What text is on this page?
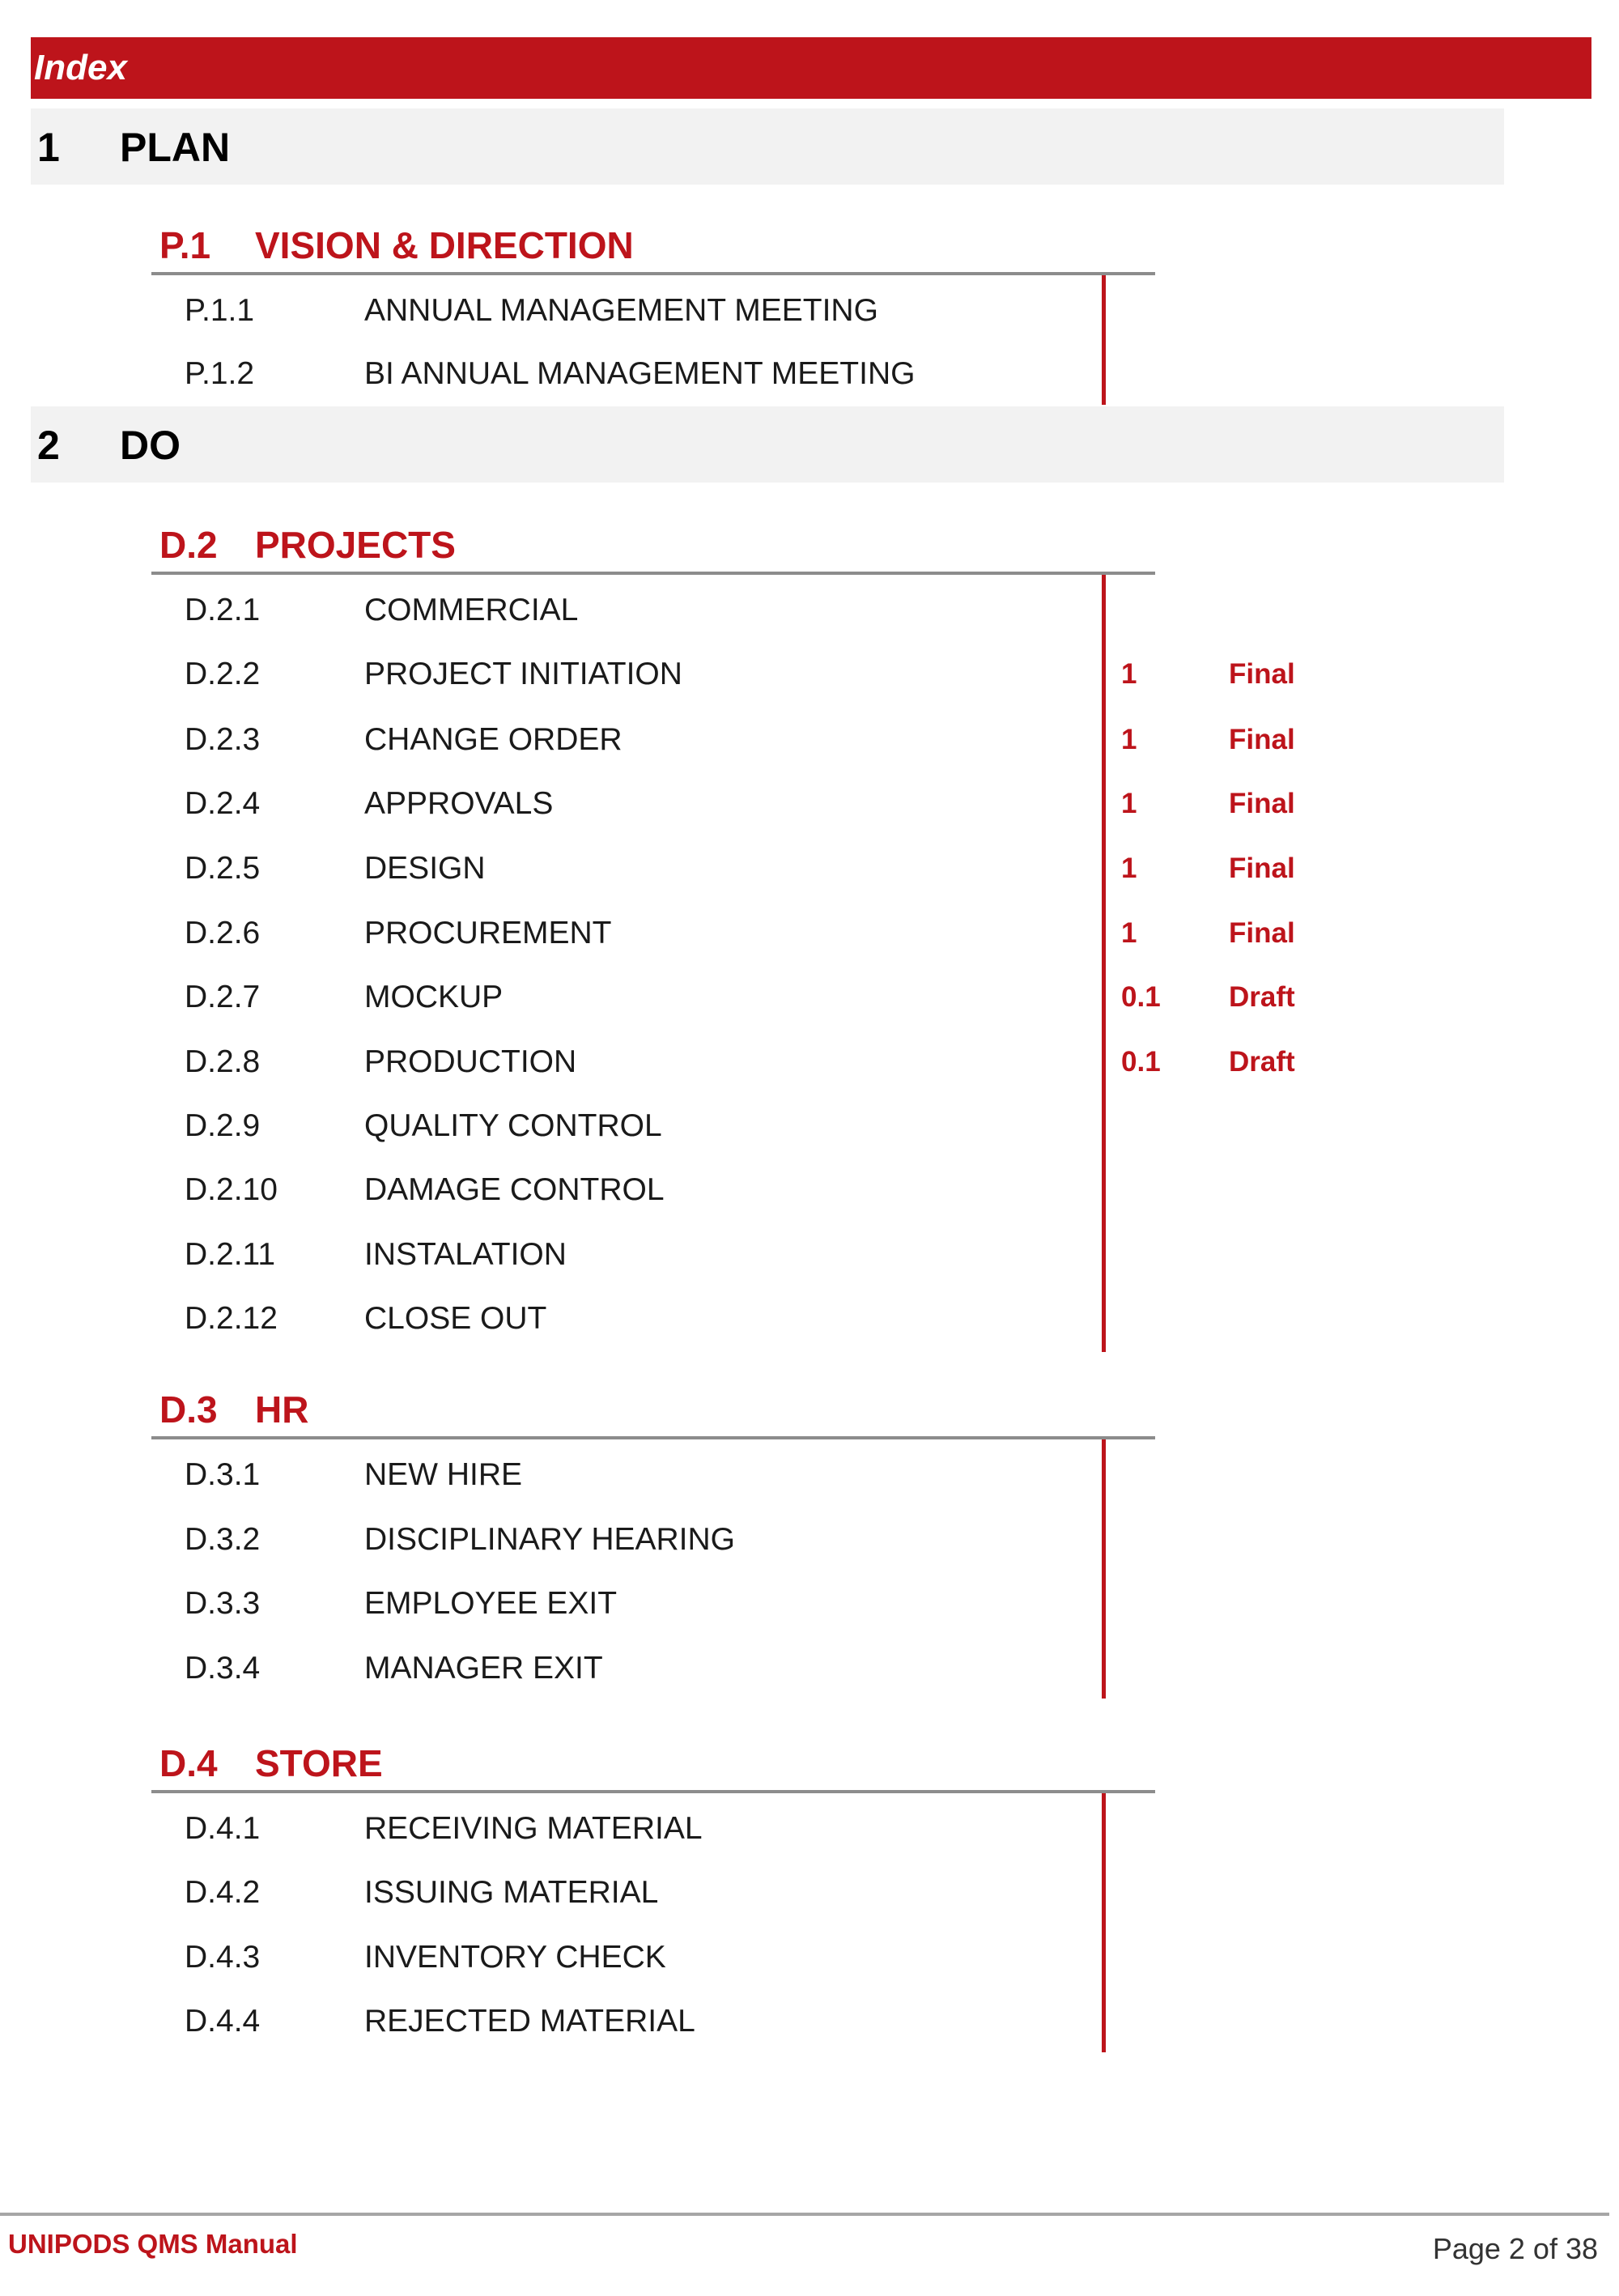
Index
1 PLAN
P.1 VISION & DIRECTION
P.1.1	ANNUAL MANAGEMENT MEETING
P.1.2	BI ANNUAL MANAGEMENT MEETING
2 DO
D.2 PROJECTS
D.2.1	COMMERCIAL
D.2.2	PROJECT INITIATION	1	Final
D.2.3	CHANGE ORDER	1	Final
D.2.4	APPROVALS	1	Final
D.2.5	DESIGN	1	Final
D.2.6	PROCUREMENT	1	Final
D.2.7	MOCKUP	0.1 Draft
D.2.8	PRODUCTION	0.1 Draft
D.2.9	QUALITY CONTROL
D.2.10	DAMAGE CONTROL
D.2.11	INSTALATION
D.2.12	CLOSE OUT
D.3 HR
D.3.1	NEW HIRE
D.3.2	DISCIPLINARY HEARING
D.3.3	EMPLOYEE EXIT
D.3.4	MANAGER EXIT
D.4 STORE
D.4.1	RECEIVING MATERIAL
D.4.2	ISSUING MATERIAL
D.4.3	INVENTORY CHECK
D.4.4	REJECTED MATERIAL
UNIPODS QMS Manual	Page 2 of 38
